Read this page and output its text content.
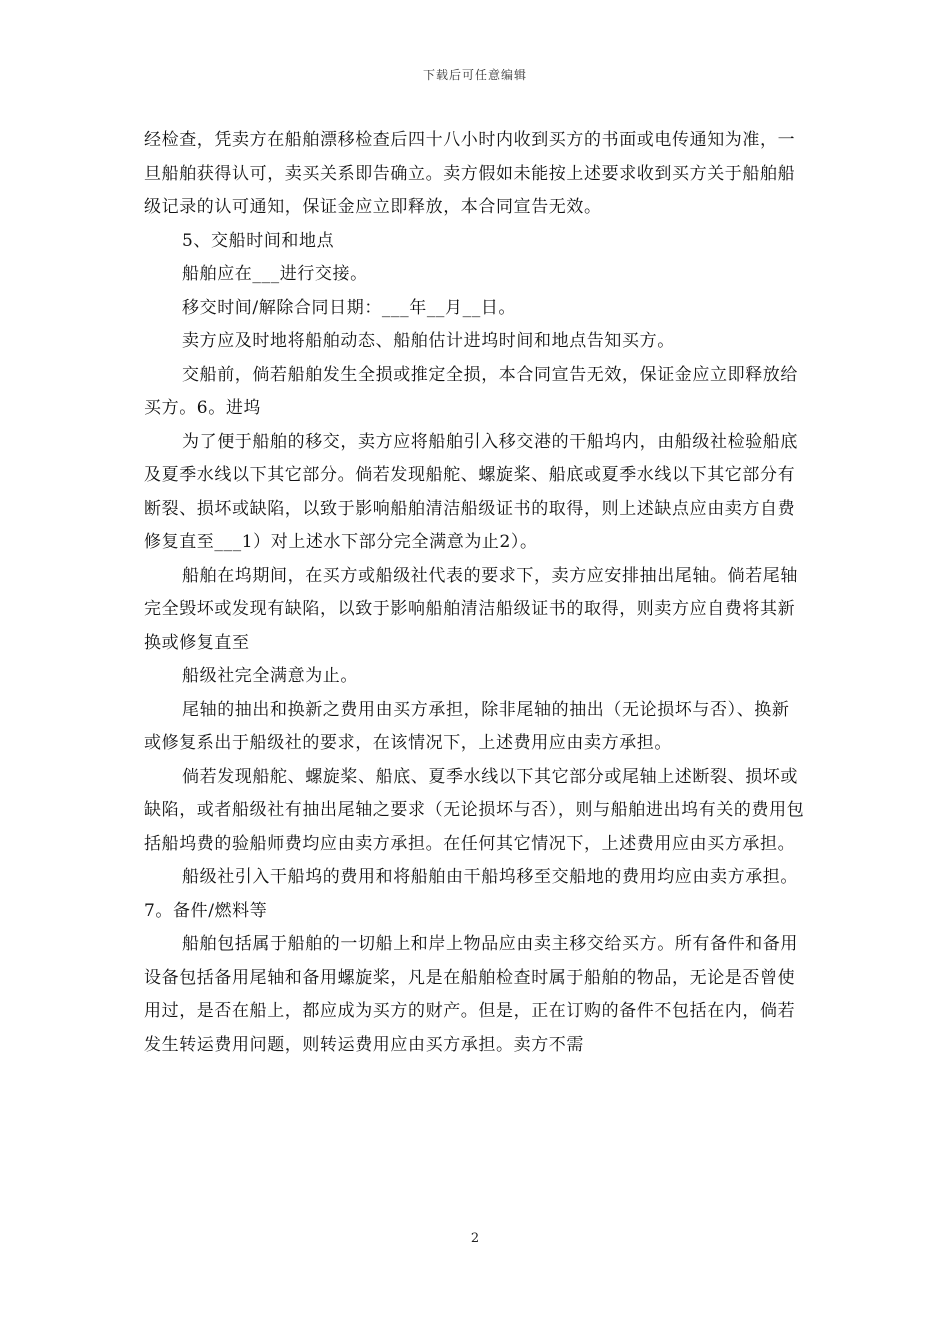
下载后可任意编辑

经检查，凭卖方在船舶漂移检查后四十八小时内收到买方的书面或电传通知为准，一旦船舶获得认可，卖买关系即告确立。卖方假如未能按上述要求收到买方关于船舶船级记录的认可通知，保证金应立即释放，本合同宣告无效。

5、交船时间和地点

船舶应在___进行交接。

移交时间/解除合同日期：___年__月__日。

卖方应及时地将船舶动态、船舶估计进坞时间和地点告知买方。

交船前，倘若船舶发生全损或推定全损，本合同宣告无效，保证金应立即释放给买方。6。进坞

为了便于船舶的移交，卖方应将船舶引入移交港的干船坞内，由船级社检验船底及夏季水线以下其它部分。倘若发现船舵、螺旋桨、船底或夏季水线以下其它部分有断裂、损坏或缺陷，以致于影响船舶清洁船级证书的取得，则上述缺点应由卖方自费修复直至___1）对上述水下部分完全满意为止2）。

船舶在坞期间，在买方或船级社代表的要求下，卖方应安排抽出尾轴。倘若尾轴完全毁坏或发现有缺陷，以致于影响船舶清洁船级证书的取得，则卖方应自费将其新换或修复直至

船级社完全满意为止。

尾轴的抽出和换新之费用由买方承担，除非尾轴的抽出（无论损坏与否）、换新或修复系出于船级社的要求，在该情况下，上述费用应由卖方承担。

倘若发现船舵、螺旋桨、船底、夏季水线以下其它部分或尾轴上述断裂、损坏或缺陷，或者船级社有抽出尾轴之要求（无论损坏与否），则与船舶进出坞有关的费用包括船坞费的验船师费均应由卖方承担。在任何其它情况下，上述费用应由买方承担。

船级社引入干船坞的费用和将船舶由干船坞移至交船地的费用均应由卖方承担。7。备件/燃料等

船舶包括属于船舶的一切船上和岸上物品应由卖主移交给买方。所有备件和备用设备包括备用尾轴和备用螺旋桨，凡是在船舶检查时属于船舶的物品，无论是否曾使用过，是否在船上，都应成为买方的财产。但是，正在订购的备件不包括在内，倘若发生转运费用问题，则转运费用应由买方承担。卖方不需

2
